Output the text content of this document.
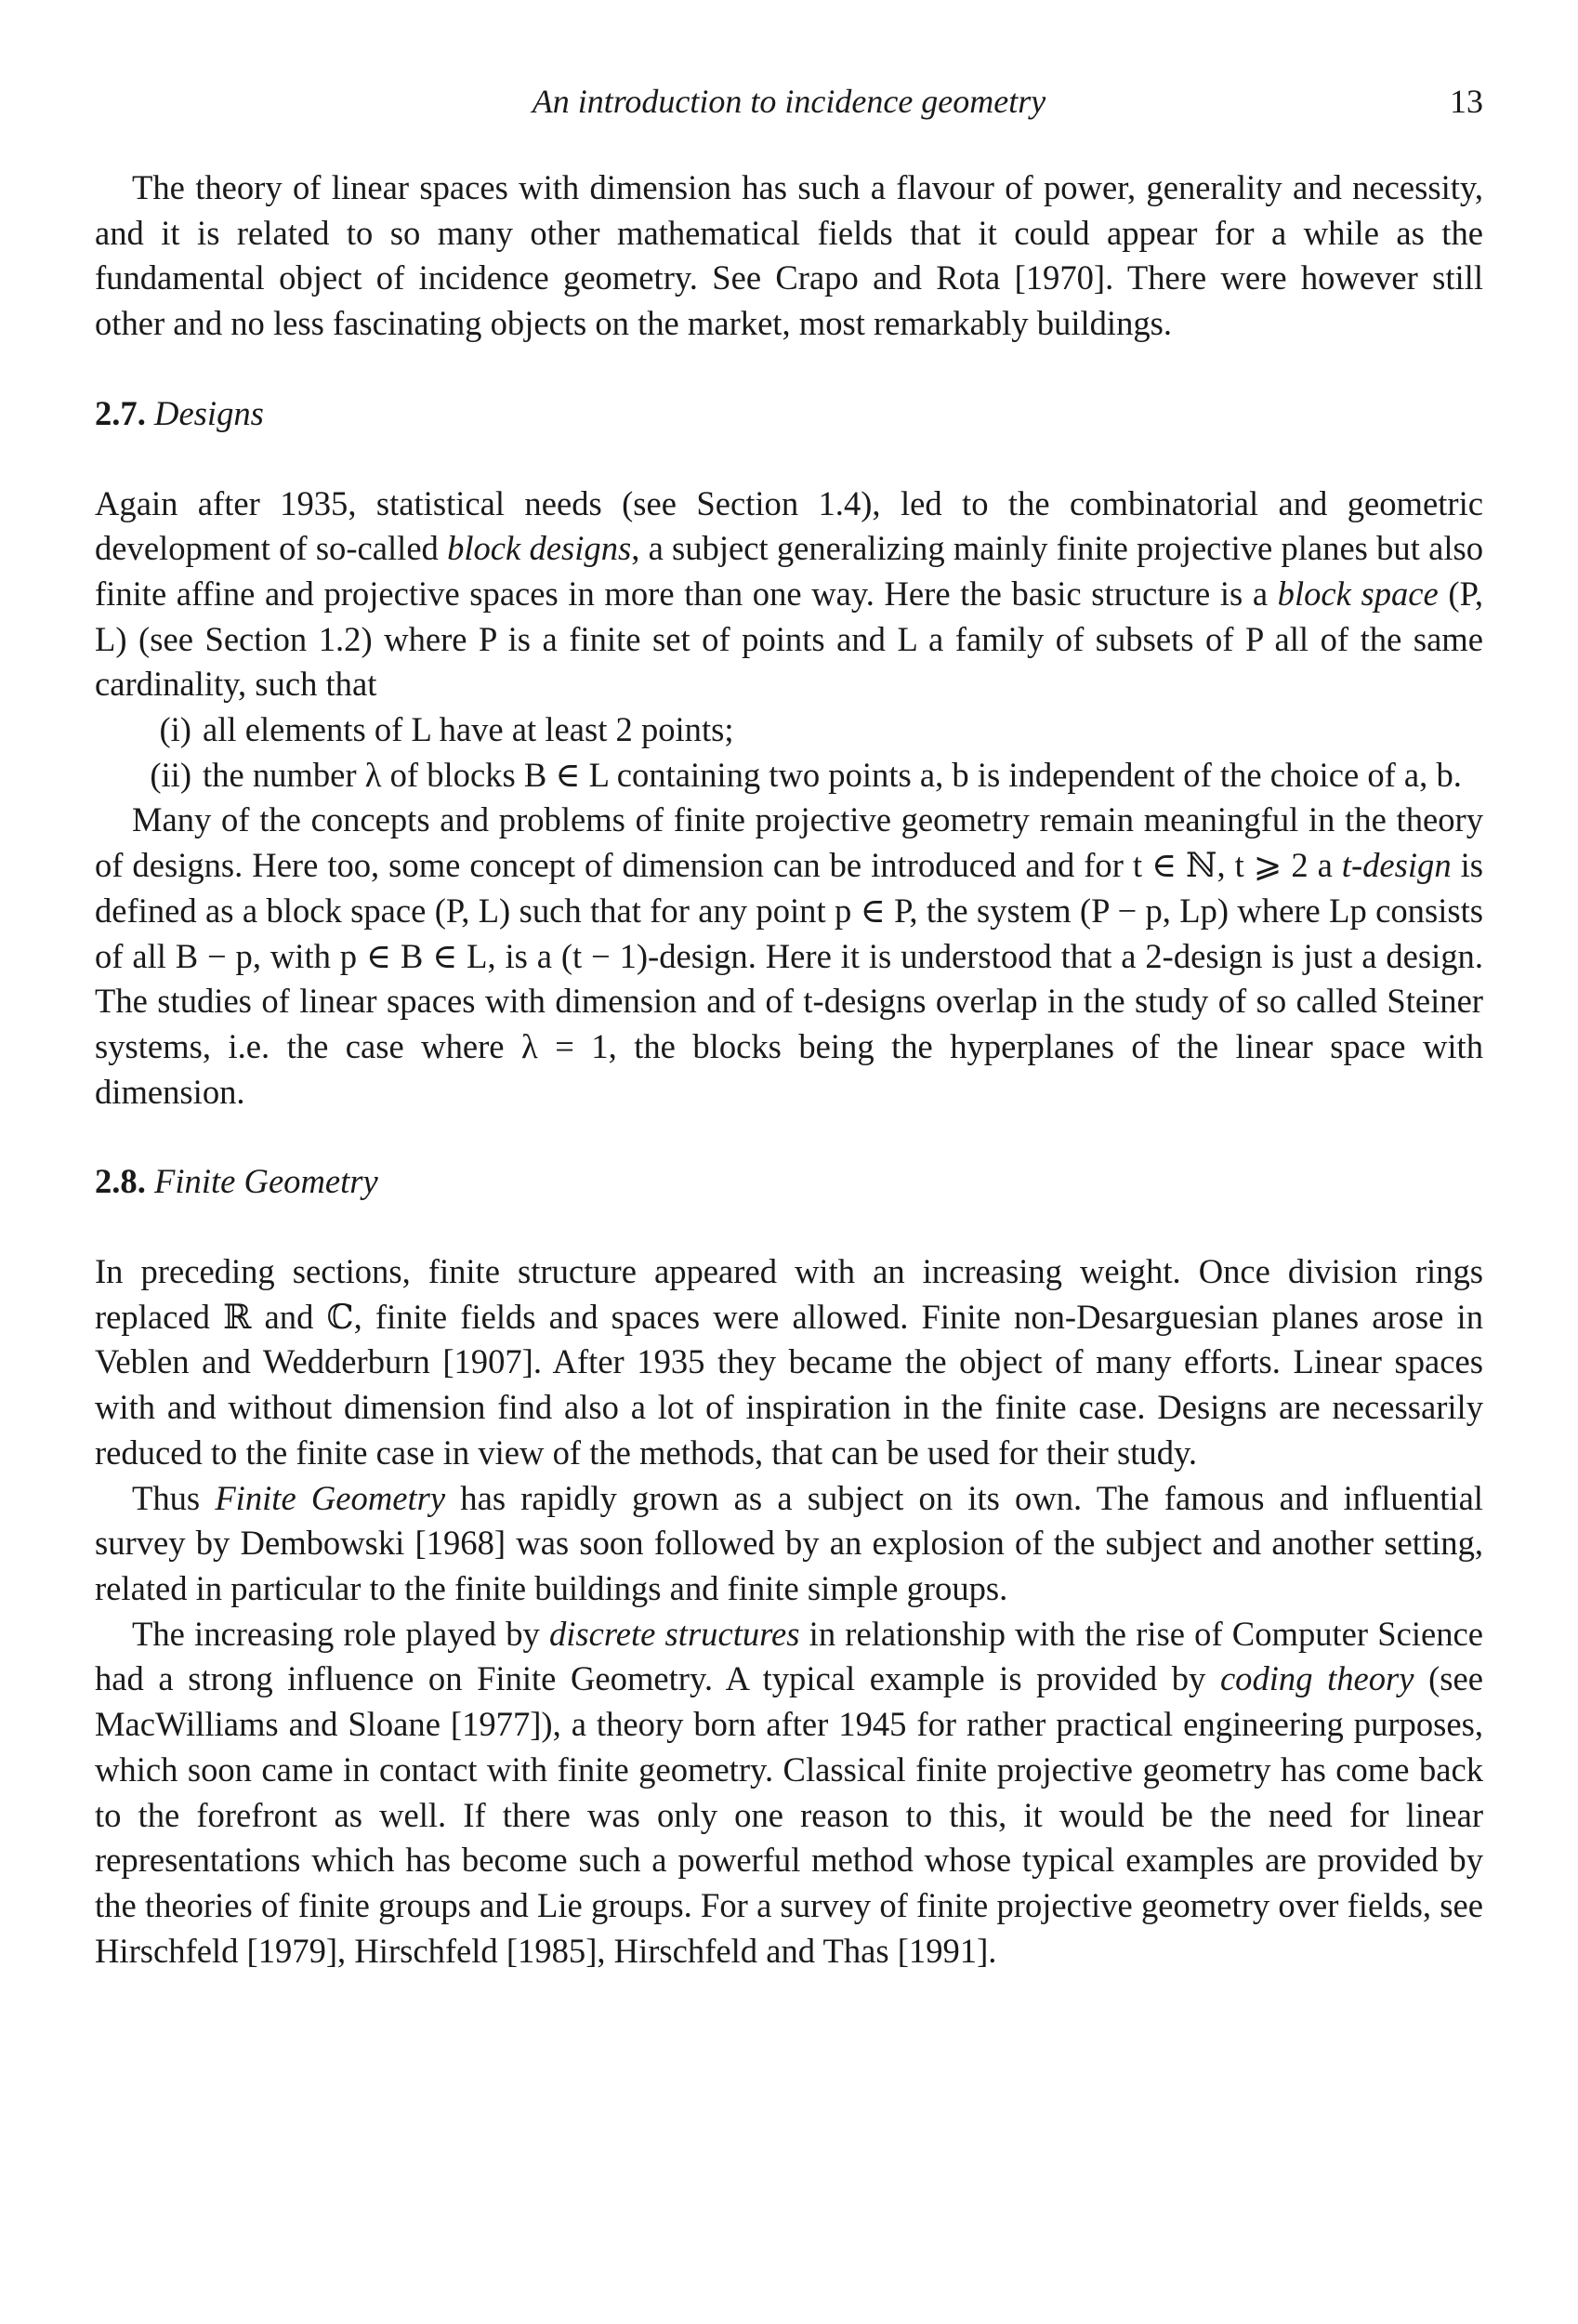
An introduction to incidence geometry	13

The theory of linear spaces with dimension has such a flavour of power, generality and necessity, and it is related to so many other mathematical fields that it could appear for a while as the fundamental object of incidence geometry. See Crapo and Rota [1970]. There were however still other and no less fascinating objects on the market, most remarkably buildings.

2.7. Designs

Again after 1935, statistical needs (see Section 1.4), led to the combinatorial and geometric development of so-called block designs, a subject generalizing mainly finite projective planes but also finite affine and projective spaces in more than one way. Here the basic structure is a block space (P, L) (see Section 1.2) where P is a finite set of points and L a family of subsets of P all of the same cardinality, such that

(i) all elements of L have at least 2 points;
(ii) the number λ of blocks B ∈ L containing two points a, b is independent of the choice of a, b.

Many of the concepts and problems of finite projective geometry remain meaningful in the theory of designs. Here too, some concept of dimension can be introduced and for t ∈ ℕ, t ⩾ 2 a t-design is defined as a block space (P, L) such that for any point p ∈ P, the system (P − p, Lp) where Lp consists of all B − p, with p ∈ B ∈ L, is a (t − 1)-design. Here it is understood that a 2-design is just a design. The studies of linear spaces with dimension and of t-designs overlap in the study of so called Steiner systems, i.e. the case where λ = 1, the blocks being the hyperplanes of the linear space with dimension.

2.8. Finite Geometry

In preceding sections, finite structure appeared with an increasing weight. Once division rings replaced ℝ and ℂ, finite fields and spaces were allowed. Finite non-Desarguesian planes arose in Veblen and Wedderburn [1907]. After 1935 they became the object of many efforts. Linear spaces with and without dimension find also a lot of inspiration in the finite case. Designs are necessarily reduced to the finite case in view of the methods, that can be used for their study.

Thus Finite Geometry has rapidly grown as a subject on its own. The famous and influential survey by Dembowski [1968] was soon followed by an explosion of the subject and another setting, related in particular to the finite buildings and finite simple groups.

The increasing role played by discrete structures in relationship with the rise of Computer Science had a strong influence on Finite Geometry. A typical example is provided by coding theory (see MacWilliams and Sloane [1977]), a theory born after 1945 for rather practical engineering purposes, which soon came in contact with finite geometry. Classical finite projective geometry has come back to the forefront as well. If there was only one reason to this, it would be the need for linear representations which has become such a powerful method whose typical examples are provided by the theories of finite groups and Lie groups. For a survey of finite projective geometry over fields, see Hirschfeld [1979], Hirschfeld [1985], Hirschfeld and Thas [1991].
